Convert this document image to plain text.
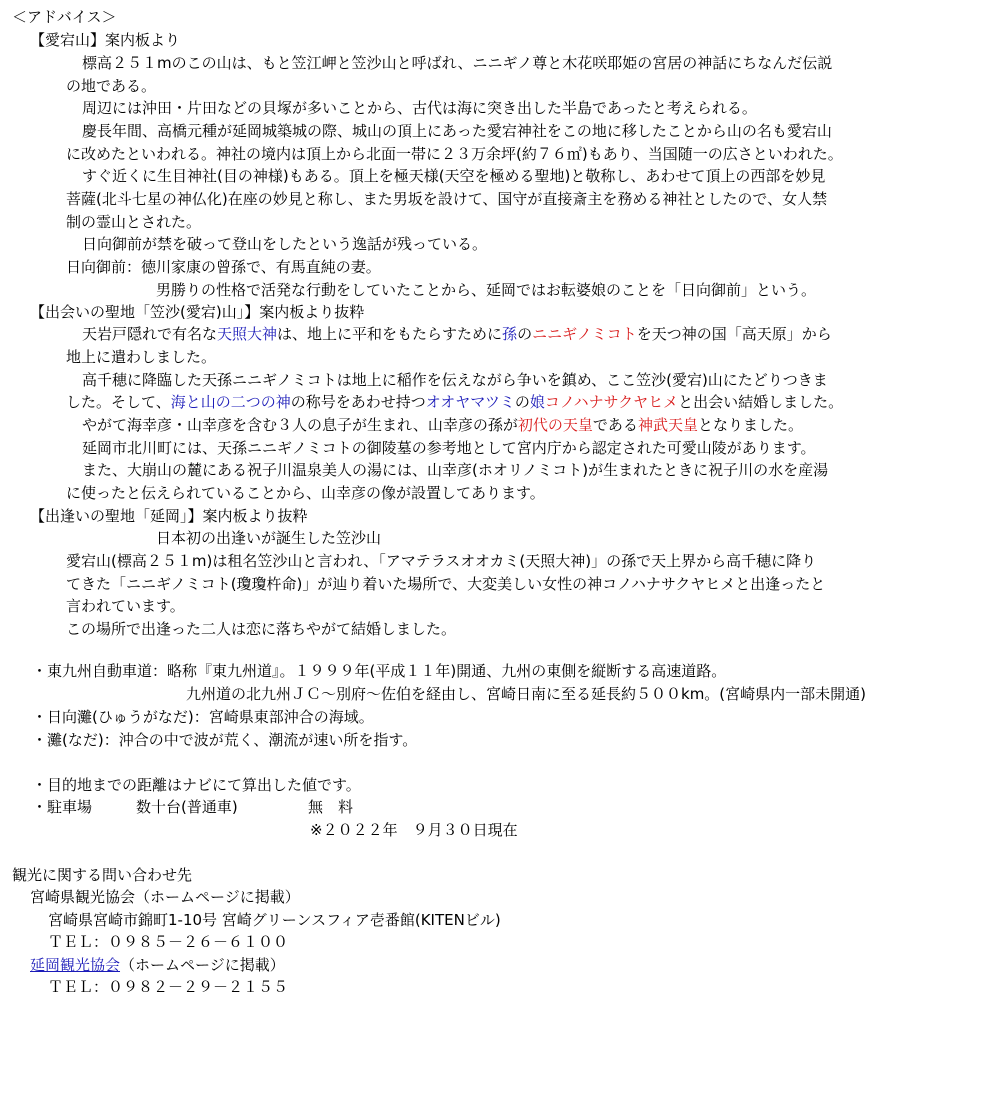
＜アドバイス＞
【愛宕山】案内板より
標高２５１mのこの山は、もと笠江岬と笠沙山と呼ばれ、ニニギノ尊と木花咲耶姫の宮居の神話にちなんだ伝説
の地である。
周辺には沖田・片田などの貝塚が多いことから、古代は海に突き出した半島であったと考えられる。
慶長年間、高橋元種が延岡城築城の際、城山の頂上にあった愛宕神社をこの地に移したことから山の名も愛宕山
に改めたといわれる。神社の境内は頂上から北面一帯に２３万余坪(約７６㎡)もあり、当国随一の広さといわれた。
すぐ近くに生目神社(目の神様)もある。頂上を極天様(天空を極める聖地)と敬称し、あわせて頂上の西部を妙見
菩薩(北斗七星の神仏化)在座の妙見と称し、また男坂を設けて、国守が直接斎主を務める神社としたので、女人禁
制の霊山とされた。
日向御前が禁を破って登山をしたという逸話が残っている。
日向御前：徳川家康の曾孫で、有馬直純の妻。
男勝りの性格で活発な行動をしていたことから、延岡ではお転婆娘のことを「日向御前」という。
【出会いの聖地「笠沙(愛宕)山」】案内板より抜粋
天岩戸隠れで有名な天照大神は、地上に平和をもたらすために孫のニニギノミコトを天つ神の国「高天原」から
地上に遣わしました。
高千穂に降臨した天孫ニニギノミコトは地上に稲作を伝えながら争いを鎮め、ここ笠沙(愛宕)山にたどりつきま
した。そして、海と山の二つの神の称号をあわせ持つオオヤマツミの娘コノハナサクヤヒメと出会い結婚しました。
やがて海幸彦・山幸彦を含む３人の息子が生まれ、山幸彦の孫が初代の天皇である神武天皇となりました。
延岡市北川町には、天孫ニニギノミコトの御陵墓の参考地として宮内庁から認定された可愛山陵があります。
また、大崩山の麓にある祝子川温泉美人の湯には、山幸彦(ホオリノミコト)が生まれたときに祝子川の水を産湯
に使ったと伝えられていることから、山幸彦の像が設置してあります。
【出逢いの聖地「延岡」】案内板より抜粋
日本初の出逢いが誕生した笠沙山
愛宕山(標高２５１m)は租名笠沙山と言われ、「アマテラスオオカミ(天照大神)」の孫で天上界から高千穂に降り
てきた「ニニギノミコト(瓊瓊杵命)」が辿り着いた場所で、大変美しい女性の神コノハナサクヤヒメと出逢ったと
言われています。
この場所で出逢った二人は恋に落ちやがて結婚しました。
・東九州自動車道：略称『東九州道』。１９９９年(平成１１年)開通、九州の東側を縦断する高速道路。
九州道の北九州ＪＣ～別府～佐伯を経由し、宮崎日南に至る延長約５００km。(宮崎県内一部未開通)
・日向灘(ひゅうがなだ)：宮崎県東部沖合の海域。
・灘(なだ)：沖合の中で波が荒く、潮流が速い所を指す。
・目的地までの距離はナビにて算出した値です。
・駐車場	数十台(普通車)	無　料
※２０２２年　９月３０日現在
観光に関する問い合わせ先
宮崎県観光協会（ホームページに掲載）
宮崎県宮崎市錦町1-10号 宮崎グリーンスフィア壱番館(KITENビル)
ＴＥＬ：０９８５－２６－６１００
延岡観光協会（ホームページに掲載）
ＴＥＬ：０９８２－２９－２１５５
